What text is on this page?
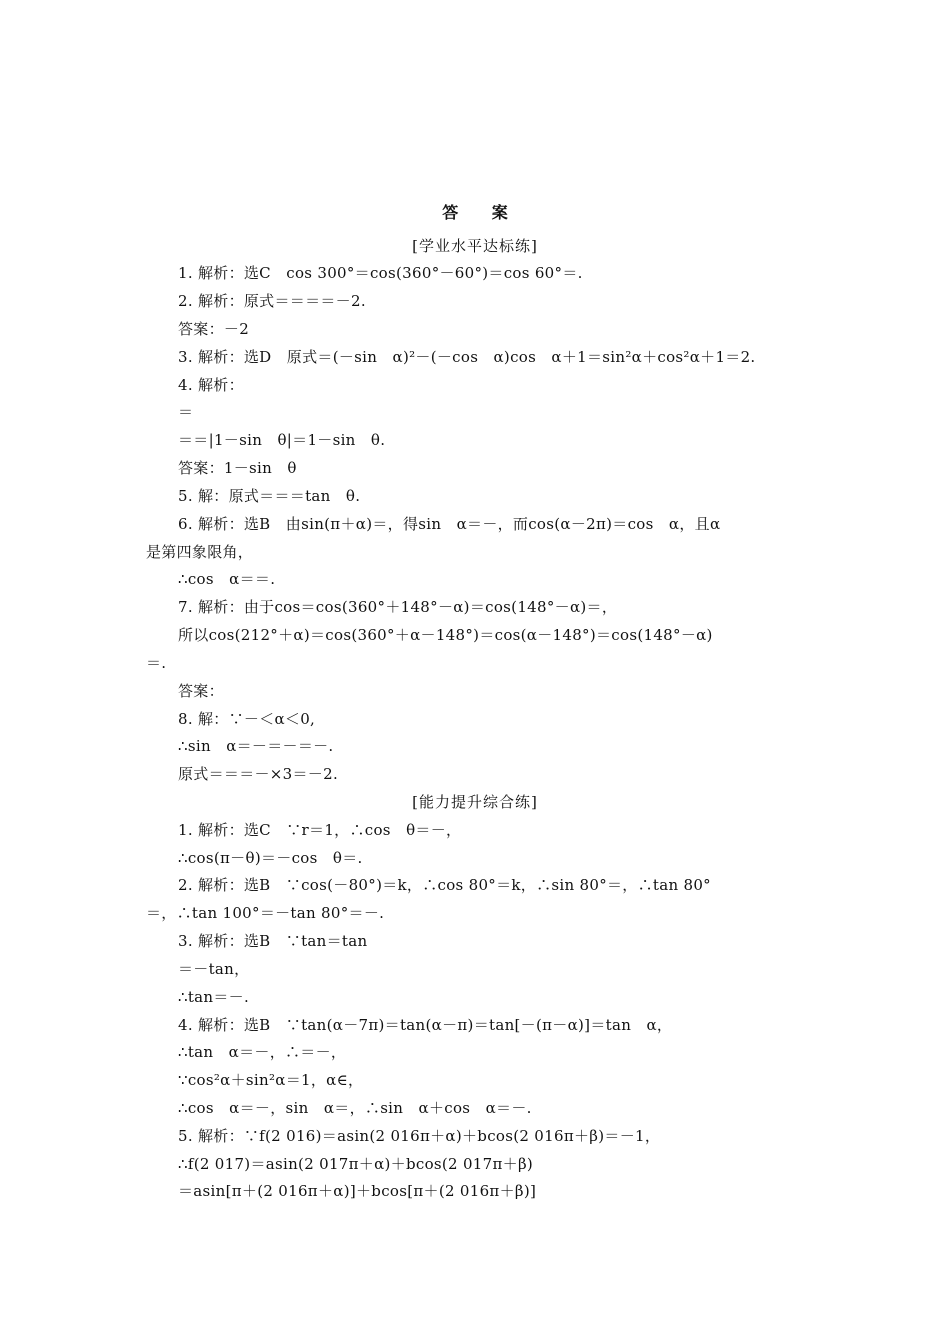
答 案
[学业水平达标练]
1. 解析：选C　cos 300°＝cos(360°－60°)＝cos 60°＝.
2. 解析：原式＝＝＝＝－2.
答案：－2
3. 解析：选D　原式＝(－sin　α)²－(－cos　α)cos　α＋1＝sin²α＋cos²α＋1＝2.
4. 解析：
＝
＝＝|1－sin　θ|＝1－sin　θ.
答案：1－sin　θ
5. 解：原式＝＝＝tan　θ.
6. 解析：选B　由sin(π＋α)＝，得sin　α＝－，而cos(α－2π)＝cos　α，且α
是第四象限角，
∴cos　α＝＝.
7. 解析：由于cos＝cos(360°＋148°－α)＝cos(148°－α)＝，
所以cos(212°＋α)＝cos(360°＋α－148°)＝cos(α－148°)＝cos(148°－α)
＝.
答案：
8. 解：∵－＜α＜0,
∴sin　α＝－＝－＝－.
原式＝＝＝－×3＝－2.
[能力提升综合练]
1. 解析：选C　∵r＝1，∴cos　θ＝－，
∴cos(π－θ)＝－cos　θ＝.
2. 解析：选B　∵cos(－80°)＝k，∴cos 80°＝k，∴sin 80°＝，∴tan 80°
＝，∴tan 100°＝－tan 80°＝－.
3. 解析：选B　∵tan＝tan
＝－tan，
∴tan＝－.
4. 解析：选B　∵tan(α－7π)＝tan(α－π)＝tan[－(π－α)]＝tan　α，
∴tan　α＝－，∴＝－，
∵cos²α＋sin²α＝1，α∈，
∴cos　α＝－，sin　α＝，∴sin　α＋cos　α＝－.
5. 解析：∵f(2 016)＝asin(2 016π＋α)＋bcos(2 016π＋β)＝－1，
∴f(2 017)＝asin(2 017π＋α)＋bcos(2 017π＋β)
＝asin[π＋(2 016π＋α)]＋bcos[π＋(2 016π＋β)]
